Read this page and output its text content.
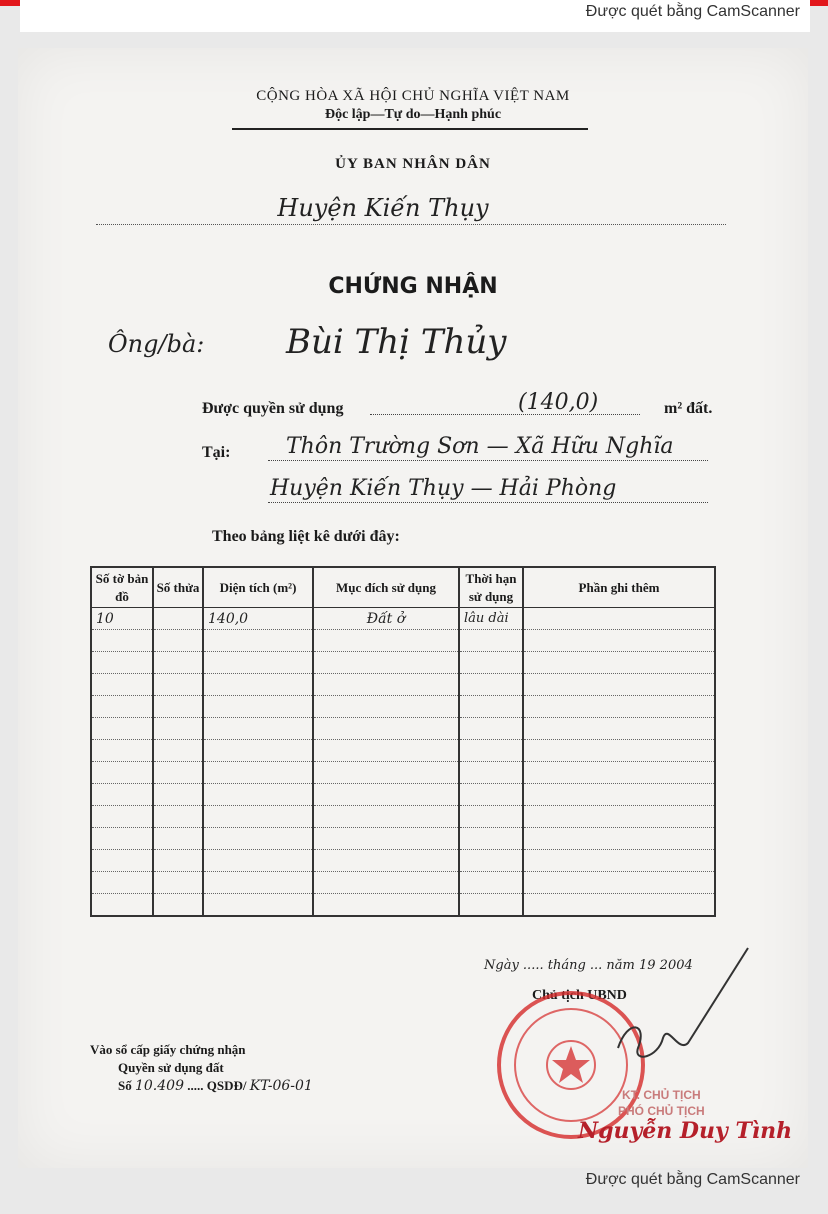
Được quét bằng CamScanner
CỘNG HÒA XÃ HỘI CHỦ NGHĨA VIỆT NAM
Độc lập—Tự do—Hạnh phúc
ỦY BAN NHÂN DÂN
Huyện Kiến Thụy
CHỨNG NHẬN
Ông/bà: Bùi Thị Thủy
Được quyền sử dụng	(140,0)	m² đất.
Tại:	Thôn Trường Sơn — Xã Hữu Nghĩa
Huyện Kiến Thụy — Hải Phòng
Theo bảng liệt kê dưới đây:
Số tờ bản đồ	Số thửa	Diện tích (m²)	Mục đích sử dụng	Thời hạn sử dụng	Phần ghi thêm
10		140,0	Đất ở	lâu dài	

Ngày ..... tháng ... năm 19 2004
Chủ tịch UBND
KT. CHỦ TỊCH
PHÓ CHỦ TỊCH
Nguyễn Duy Tình
Vào sổ cấp giấy chứng nhận
Quyền sử dụng đất
Số 10.409 ..... QSDĐ/ KT-06-01
Được quét bằng CamScanner
